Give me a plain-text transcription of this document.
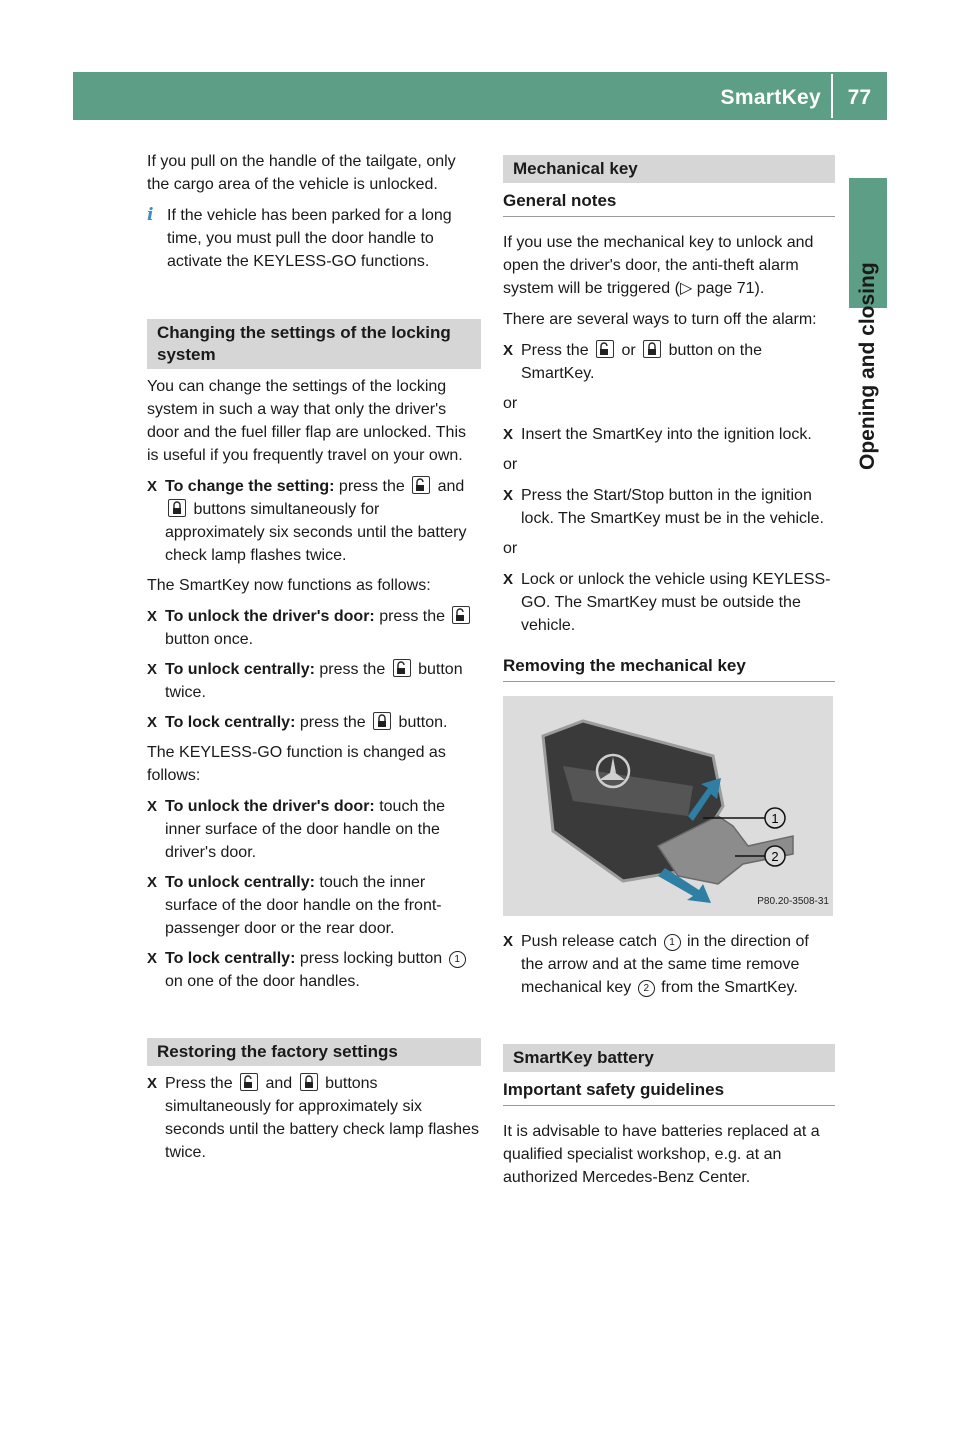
SmartKey 77
Opening and closing

If you pull on the handle of the tailgate, only the cargo area of the vehicle is unlocked.

i If the vehicle has been parked for a long time, you must pull the door handle to activate the KEYLESS-GO functions.

Changing the settings of the locking system

You can change the settings of the locking system in such a way that only the driver's door and the fuel filler flap are unlocked. This is useful if you frequently travel on your own.

X To change the setting: press the
and
buttons simultaneously for approximately six seconds until the battery check lamp flashes twice.

The SmartKey now functions as follows:

X To unlock the driver's door: press the
button once.
X To unlock centrally: press the
button twice.
X To lock centrally: press the
button.

The KEYLESS-GO function is changed as follows:

X To unlock the driver's door: touch the inner surface of the door handle on the driver's door.
X To unlock centrally: touch the inner surface of the door handle on the front-passenger door or the rear door.
X To lock centrally: press locking button 1 on one of the door handles.
Restoring the factory settings
X Press the
and
buttons simultaneously for approximately six seconds until the battery check lamp flashes twice.
Mechanical key
General notes

If you use the mechanical key to unlock and open the driver's door, the anti-theft alarm system will be triggered (▷ page 71).

There are several ways to turn off the alarm:

X Press the
or
button on the SmartKey.

or

X Insert the SmartKey into the ignition lock.

or

X Press the Start/Stop button in the ignition lock. The SmartKey must be in the vehicle.

or

X Lock or unlock the vehicle using KEYLESS-GO. The SmartKey must be outside the vehicle.
Removing the mechanical key
1
2
P80.20-3508-31
X Push release catch 1 in the direction of the arrow and at the same time remove mechanical key 2 from the SmartKey.
SmartKey battery
Important safety guidelines

It is advisable to have batteries replaced at a qualified specialist workshop, e.g. at an authorized Mercedes-Benz Center.
